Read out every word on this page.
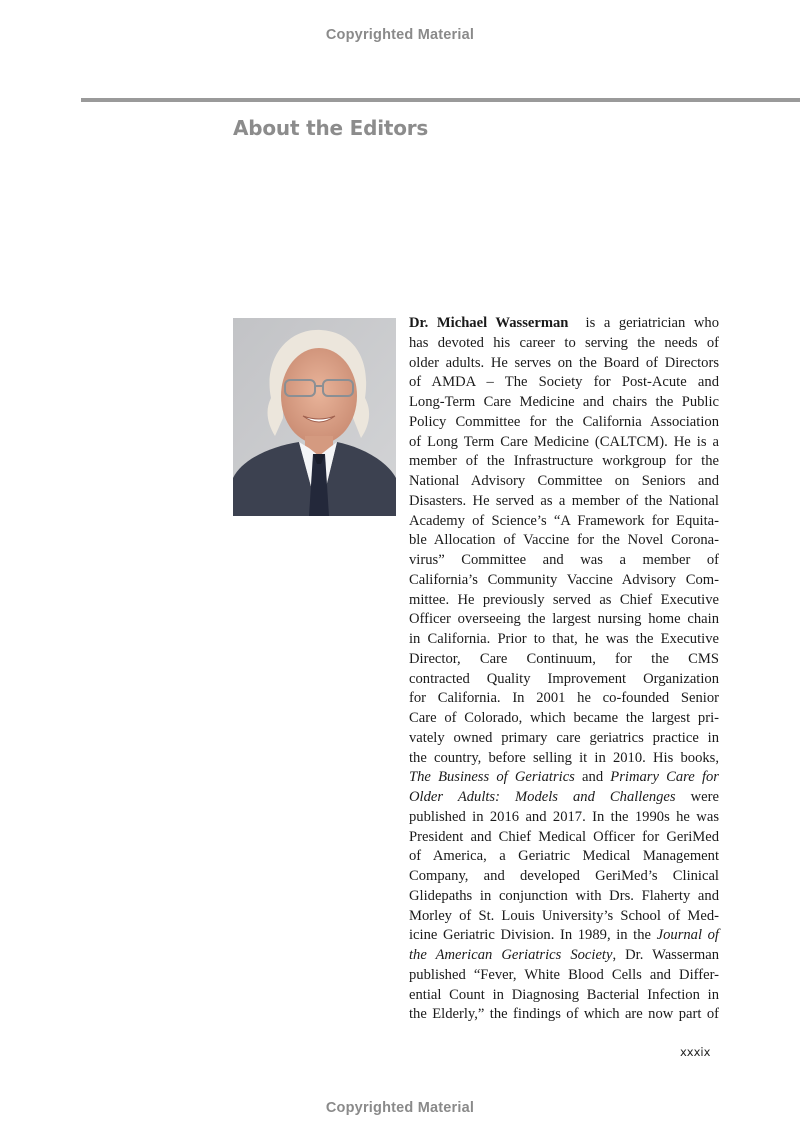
Copyrighted Material
About the Editors
Dr. Michael Wasserman is a geriatrician who
has devoted his career to serving the needs of
older adults. He serves on the Board of Directors
of AMDA – The Society for Post-Acute and
Long-Term Care Medicine and chairs the Public
Policy Committee for the California Association
of Long Term Care Medicine (CALTCM). He is a
member of the Infrastructure workgroup for the
National Advisory Committee on Seniors and
Disasters. He served as a member of the National
Academy of Science’s “A Framework for Equita-
ble Allocation of Vaccine for the Novel Corona-
virus” Committee and was a member of
California’s Community Vaccine Advisory Com-
mittee. He previously served as Chief Executive
Officer overseeing the largest nursing home chain
in California. Prior to that, he was the Executive
Director, Care Continuum, for the CMS
contracted Quality Improvement Organization
for California. In 2001 he co-founded Senior
Care of Colorado, which became the largest pri-
vately owned primary care geriatrics practice in
the country, before selling it in 2010. His books,
The Business of Geriatrics and Primary Care for
Older Adults: Models and Challenges were
published in 2016 and 2017. In the 1990s he was
President and Chief Medical Officer for GeriMed
of America, a Geriatric Medical Management
Company, and developed GeriMed’s Clinical
Glidepaths in conjunction with Drs. Flaherty and
Morley of St. Louis University’s School of Med-
icine Geriatric Division. In 1989, in the Journal of
the American Geriatrics Society, Dr. Wasserman
published “Fever, White Blood Cells and Differ-
ential Count in Diagnosing Bacterial Infection in
the Elderly,” the findings of which are now part of
xxxix
Copyrighted Material
